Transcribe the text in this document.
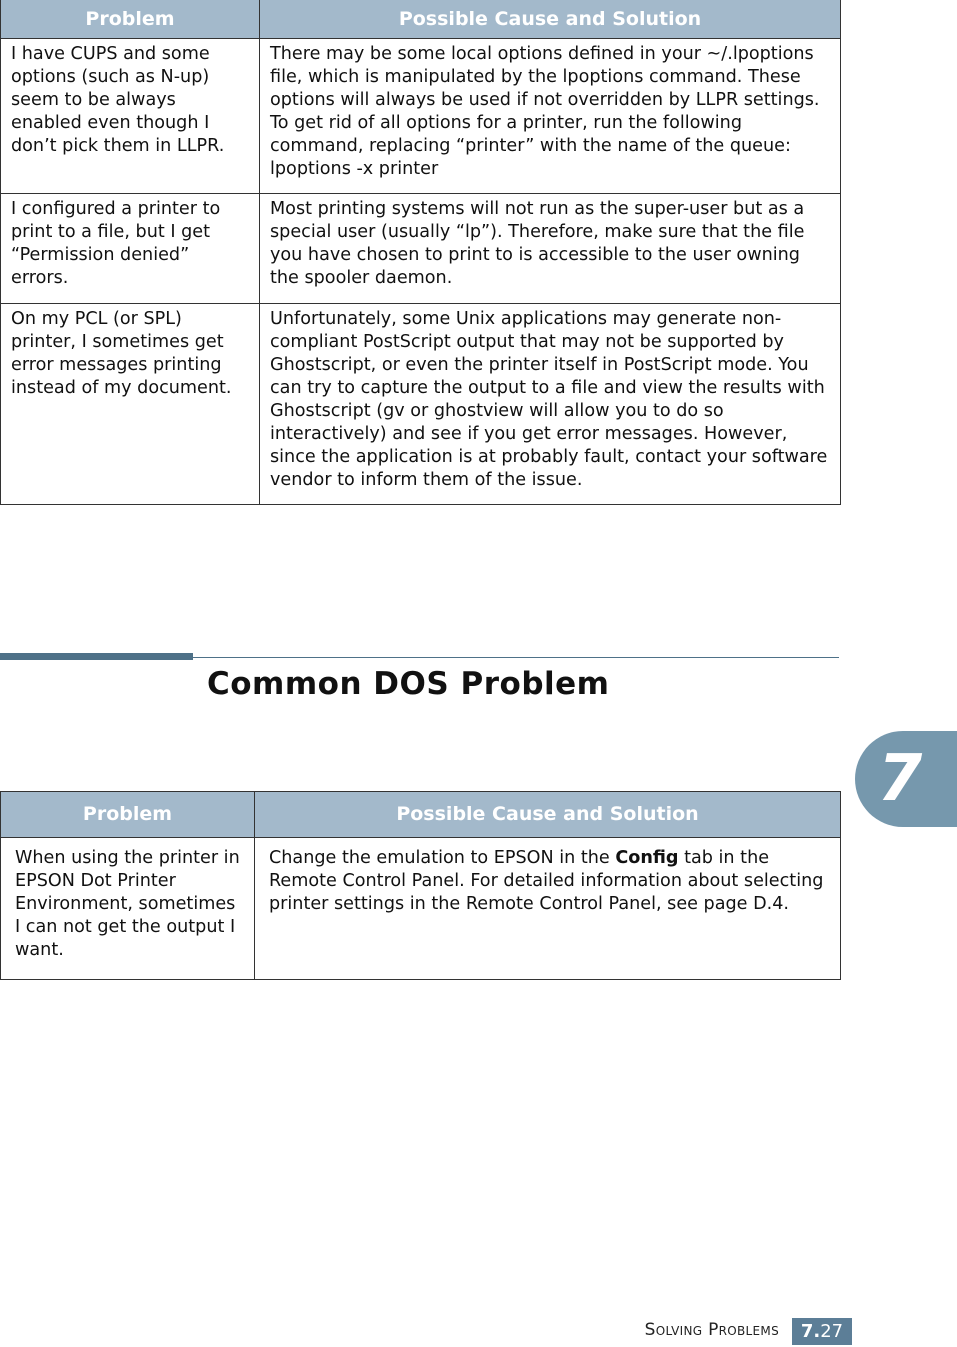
Problem	Possible Cause and Solution
I have CUPS and some options (such as N-up) seem to be always enabled even though I don’t pick them in LLPR.	There may be some local options defined in your ~/.lpoptions file, which is manipulated by the lpoptions command. These options will always be used if not overridden by LLPR settings. To get rid of all options for a printer, run the following command, replacing “printer” with the name of the queue: lpoptions -x printer
I configured a printer to print to a file, but I get “Permission denied” errors.	Most printing systems will not run as the super-user but as a special user (usually “lp”). Therefore, make sure that the file you have chosen to print to is accessible to the user owning the spooler daemon.
On my PCL (or SPL) printer, I sometimes get error messages printing instead of my document.	Unfortunately, some Unix applications may generate non-compliant PostScript output that may not be supported by Ghostscript, or even the printer itself in PostScript mode. You can try to capture the output to a file and view the results with Ghostscript (gv or ghostview will allow you to do so interactively) and see if you get error messages. However, since the application is at probably fault, contact your software vendor to inform them of the issue.
Common DOS Problem
Problem	Possible Cause and Solution
When using the printer in EPSON Dot Printer Environment, sometimes I can not get the output I want.	Change the emulation to EPSON in the Config tab in the Remote Control Panel. For detailed information about selecting printer settings in the Remote Control Panel, see page D.4.
7
Solving Problems 7. 27
